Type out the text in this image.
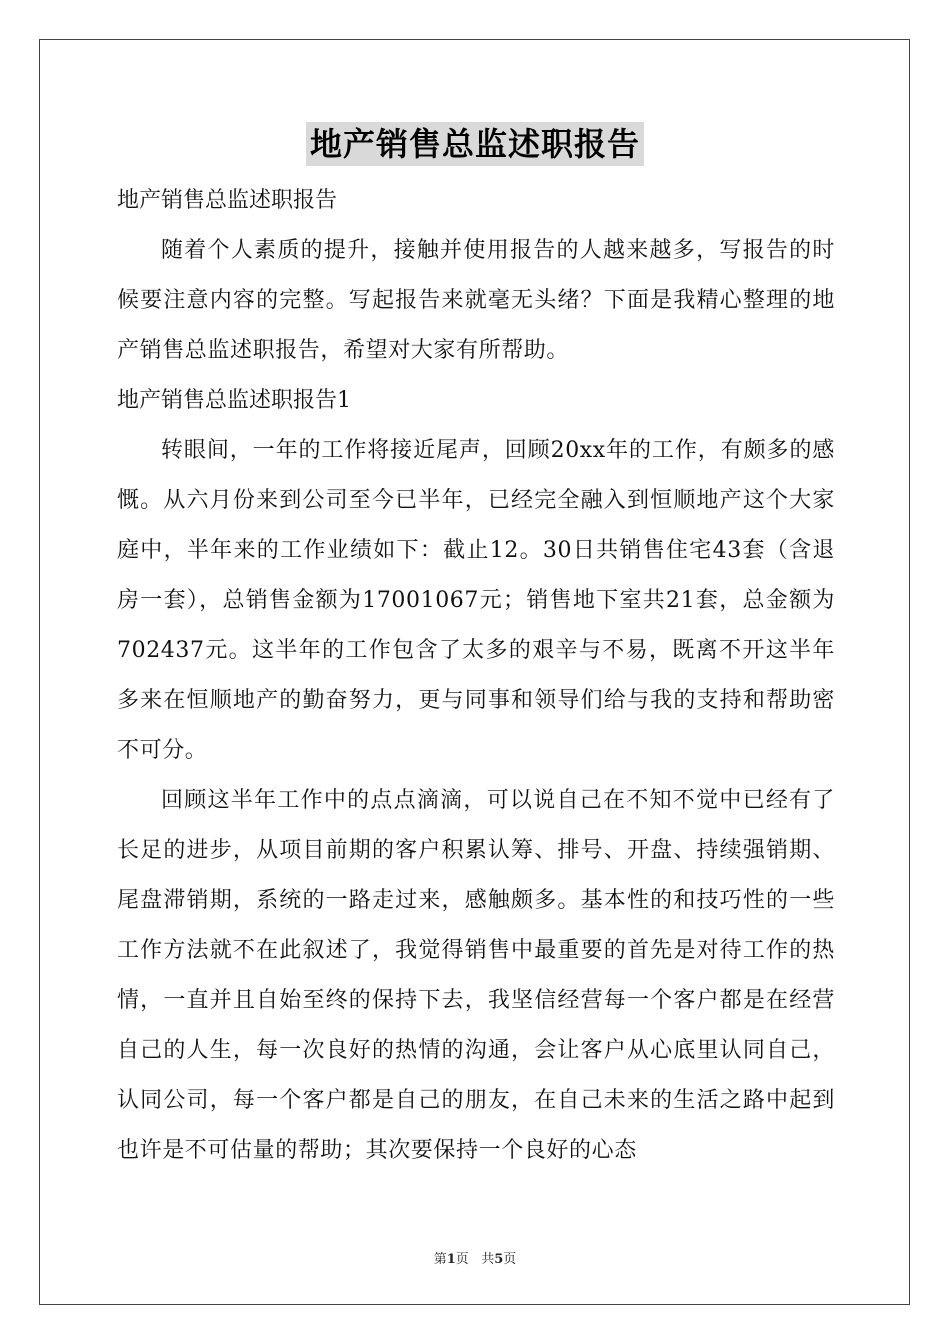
地产销售总监述职报告

地产销售总监述职报告

随着个人素质的提升，接触并使用报告的人越来越多，写报告的时候要注意内容的完整。写起报告来就毫无头绪？下面是我精心整理的地产销售总监述职报告，希望对大家有所帮助。

地产销售总监述职报告1

转眼间，一年的工作将接近尾声，回顾20xx年的工作，有颇多的感慨。从六月份来到公司至今已半年，已经完全融入到恒顺地产这个大家庭中，半年来的工作业绩如下：截止12。30日共销售住宅43套（含退房一套），总销售金额为17001067元；销售地下室共21套，总金额为702437元。这半年的工作包含了太多的艰辛与不易，既离不开这半年多来在恒顺地产的勤奋努力，更与同事和领导们给与我的支持和帮助密不可分。

回顾这半年工作中的点点滴滴，可以说自己在不知不觉中已经有了长足的进步，从项目前期的客户积累认筹、排号、开盘、持续强销期、尾盘滞销期，系统的一路走过来，感触颇多。基本性的和技巧性的一些工作方法就不在此叙述了，我觉得销售中最重要的首先是对待工作的热情，一直并且自始至终的保持下去，我坚信经营每一个客户都是在经营自己的人生，每一次良好的热情的沟通，会让客户从心底里认同自己，认同公司，每一个客户都是自己的朋友，在自己未来的生活之路中起到也许是不可估量的帮助；其次要保持一个良好的心态

第1页 共5页
